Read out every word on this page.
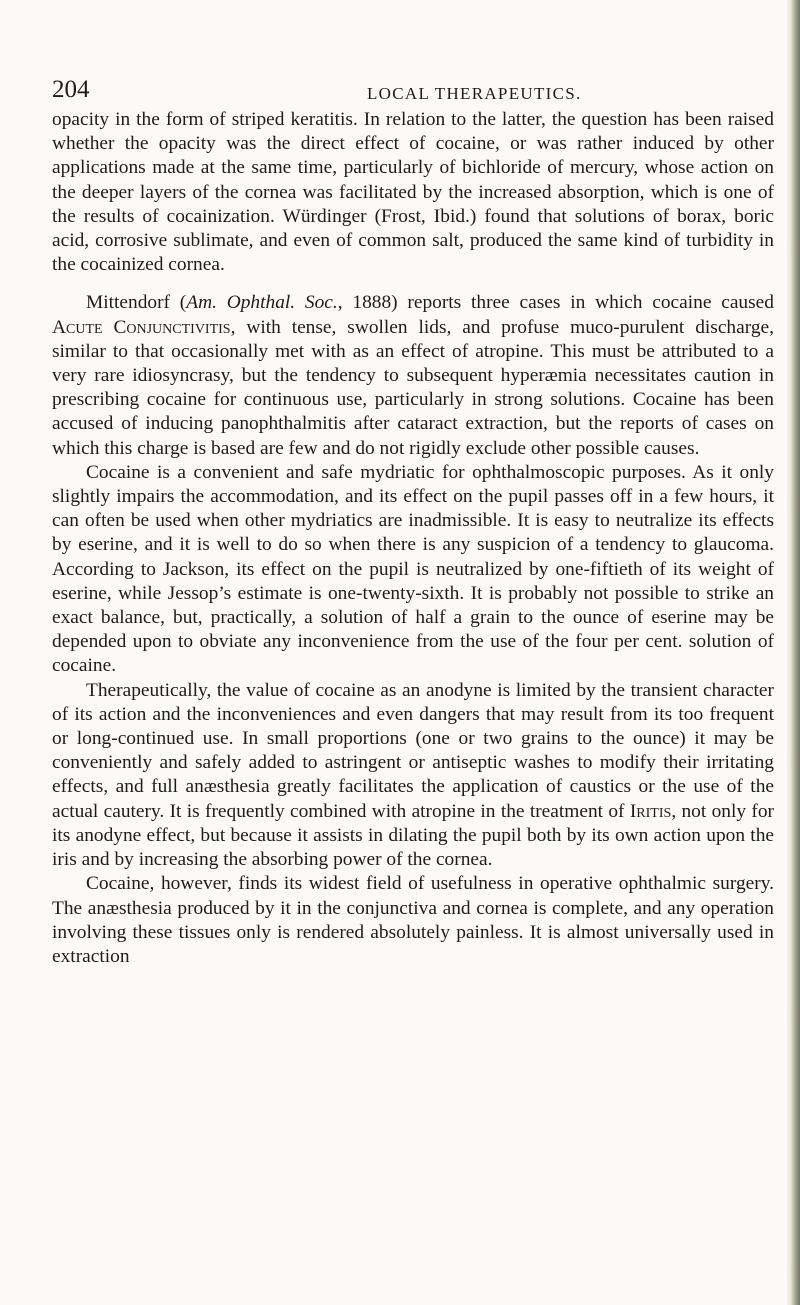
204	LOCAL THERAPEUTICS.

opacity in the form of striped keratitis. In relation to the latter, the question has been raised whether the opacity was the direct effect of cocaine, or was rather induced by other applications made at the same time, particularly of bichloride of mercury, whose action on the deeper layers of the cornea was facilitated by the increased absorption, which is one of the results of cocainization. Würdinger (Frost, Ibid.) found that solutions of borax, boric acid, corrosive sublimate, and even of common salt, produced the same kind of turbidity in the cocainized cornea.

Mittendorf (Am. Ophthal. Soc., 1888) reports three cases in which cocaine caused Acute Conjunctivitis, with tense, swollen lids, and profuse muco-purulent discharge, similar to that occasionally met with as an effect of atropine. This must be attributed to a very rare idiosyncrasy, but the tendency to subsequent hyperæmia necessitates caution in prescribing cocaine for continuous use, particularly in strong solutions. Cocaine has been accused of inducing panophthalmitis after cataract extraction, but the reports of cases on which this charge is based are few and do not rigidly exclude other possible causes.

Cocaine is a convenient and safe mydriatic for ophthalmoscopic purposes. As it only slightly impairs the accommodation, and its effect on the pupil passes off in a few hours, it can often be used when other mydriatics are inadmissible. It is easy to neutralize its effects by eserine, and it is well to do so when there is any suspicion of a tendency to glaucoma. According to Jackson, its effect on the pupil is neutralized by one-fiftieth of its weight of eserine, while Jessop’s estimate is one-twenty-sixth. It is probably not possible to strike an exact balance, but, practically, a solution of half a grain to the ounce of eserine may be depended upon to obviate any inconvenience from the use of the four per cent. solution of cocaine.

Therapeutically, the value of cocaine as an anodyne is limited by the transient character of its action and the inconveniences and even dangers that may result from its too frequent or long-continued use. In small proportions (one or two grains to the ounce) it may be conveniently and safely added to astringent or antiseptic washes to modify their irritating effects, and full anæsthesia greatly facilitates the application of caustics or the use of the actual cautery. It is frequently combined with atropine in the treatment of Iritis, not only for its anodyne effect, but because it assists in dilating the pupil both by its own action upon the iris and by increasing the absorbing power of the cornea.

Cocaine, however, finds its widest field of usefulness in operative ophthalmic surgery. The anæsthesia produced by it in the conjunctiva and cornea is complete, and any operation involving these tissues only is rendered absolutely painless. It is almost universally used in extraction
